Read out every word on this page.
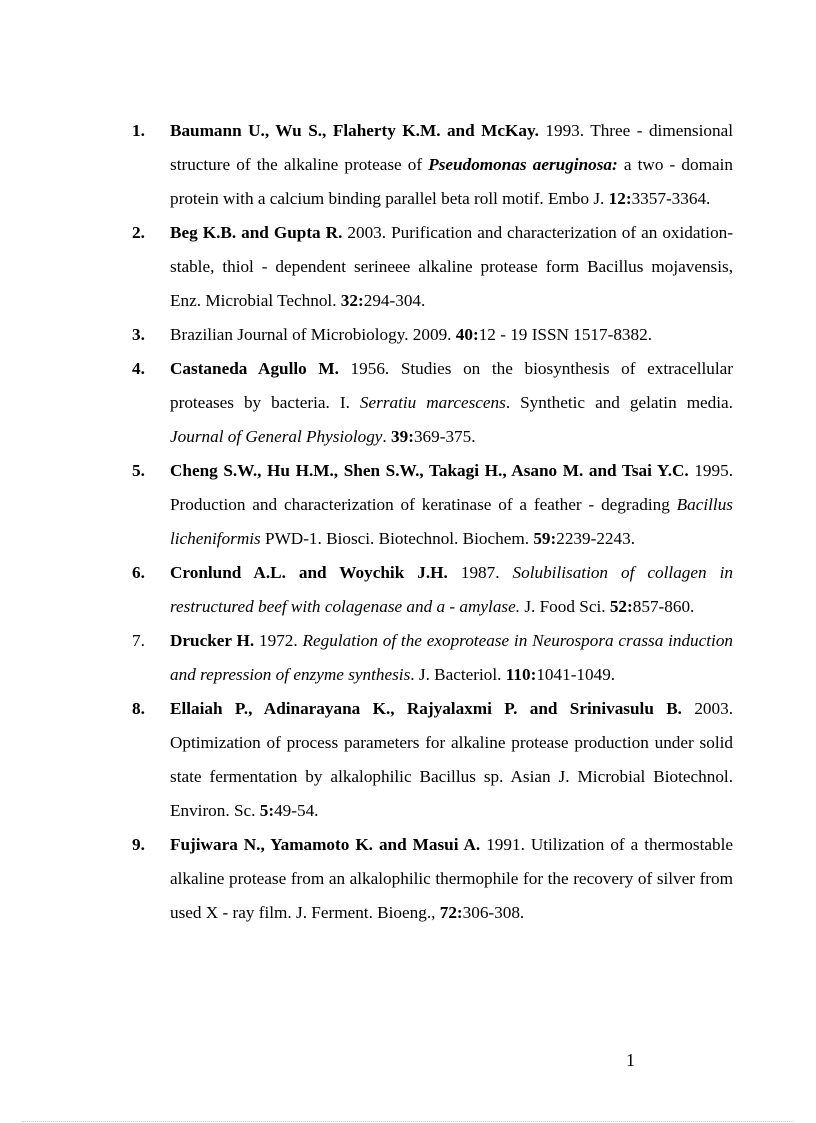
1. Baumann U., Wu S., Flaherty K.M. and McKay. 1993. Three - dimensional structure of the alkaline protease of Pseudomonas aeruginosa: a two - domain protein with a calcium binding parallel beta roll motif. Embo J. 12:3357-3364.
2. Beg K.B. and Gupta R. 2003. Purification and characterization of an oxidation-stable, thiol - dependent serineee alkaline protease form Bacillus mojavensis, Enz. Microbial Technol. 32:294-304.
3. Brazilian Journal of Microbiology. 2009. 40:12 - 19 ISSN 1517-8382.
4. Castaneda Agullo M. 1956. Studies on the biosynthesis of extracellular proteases by bacteria. I. Serratiu marcescens. Synthetic and gelatin media. Journal of General Physiology. 39:369-375.
5. Cheng S.W., Hu H.M., Shen S.W., Takagi H., Asano M. and Tsai Y.C. 1995. Production and characterization of keratinase of a feather - degrading Bacillus licheniformis PWD-1. Biosci. Biotechnol. Biochem. 59:2239-2243.
6. Cronlund A.L. and Woychik J.H. 1987. Solubilisation of collagen in restructured beef with colagenase and a - amylase. J. Food Sci. 52:857-860.
7. Drucker H. 1972. Regulation of the exoprotease in Neurospora crassa induction and repression of enzyme synthesis. J. Bacteriol. 110:1041-1049.
8. Ellaiah P., Adinarayana K., Rajyalaxmi P. and Srinivasulu B. 2003. Optimization of process parameters for alkaline protease production under solid state fermentation by alkalophilic Bacillus sp. Asian J. Microbial Biotechnol. Environ. Sc. 5:49-54.
9. Fujiwara N., Yamamoto K. and Masui A. 1991. Utilization of a thermostable alkaline protease from an alkalophilic thermophile for the recovery of silver from used X - ray film. J. Ferment. Bioeng., 72:306-308.
1
